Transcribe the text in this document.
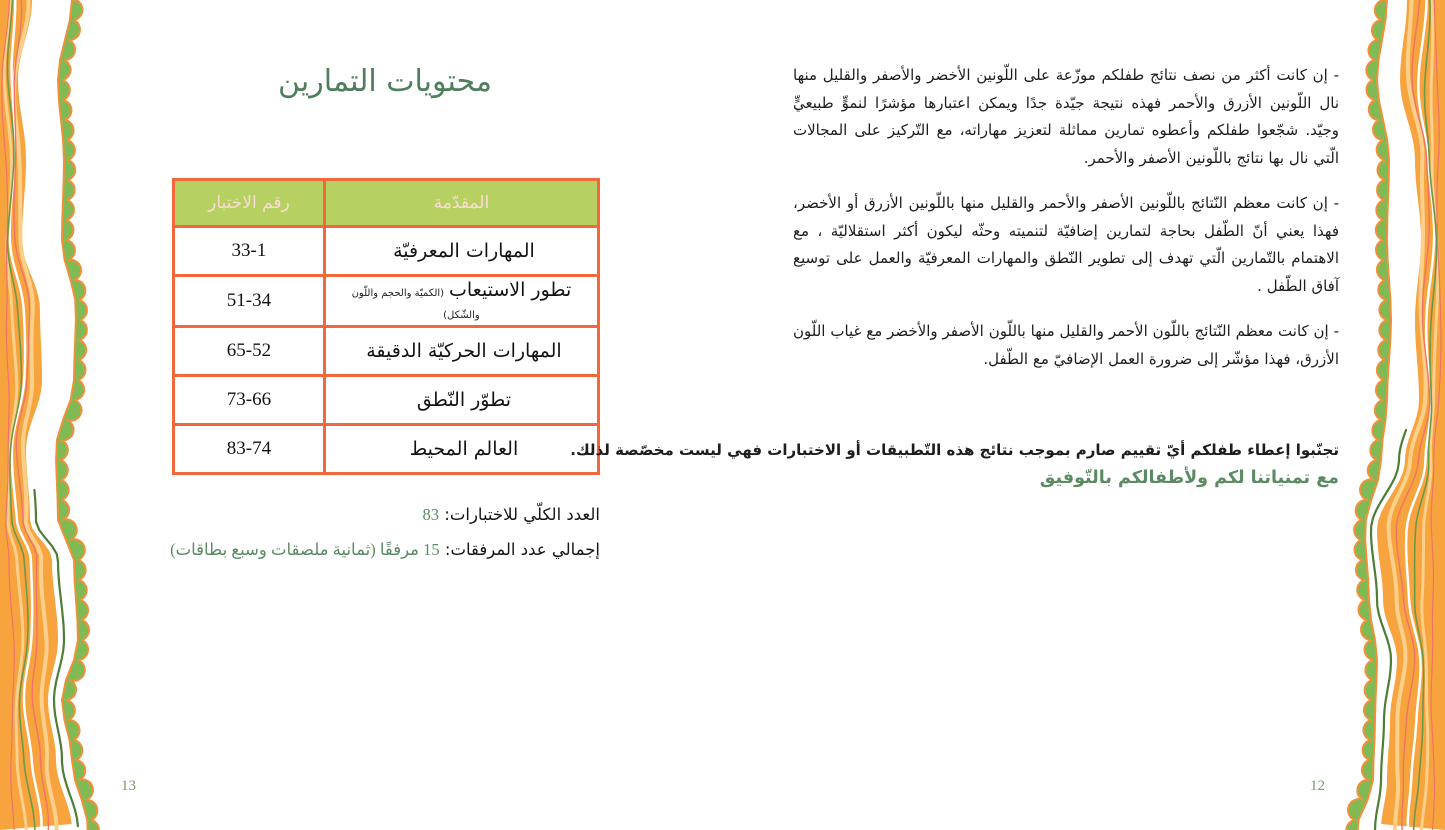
محتويات التمارين
المقدّمة	رقم الاختبار
المهارات المعرفيّة	33-1
تطور الاستيعاب(الكميّة والحجم واللّون والشّكل)	51-34
المهارات الحركيّة الدقيقة	65-52
تطوّر النّطق	73-66
العالم المحيط	83-74
العدد الكلّي للاختبارات: 83
إجمالي عدد المرفقات: 15 مرفقًا (ثمانية ملصقات وسبع بطاقات)
13

- إن كانت أكثر من نصف نتائج طفلكم موزّعة على اللّونين الأخضر والأصفر والقليل منها نال اللّونين الأزرق والأحمر فهذه نتيجة جيّدة جدًا ويمكن اعتبارها مؤشرًا لنموٍّ طبيعيٍّ وجيّد. شجّعوا طفلكم وأعطوه تمارين مماثلة لتعزيز مهاراته، مع التّركيز على المجالات الّتي نال بها نتائج باللّونين الأصفر والأحمر.

- إن كانت معظم النّتائج باللّونين الأصفر والأحمر والقليل منها باللّونين الأزرق أو الأخضر، فهذا يعني أنّ الطّفل بحاجة لتمارين إضافيّة لتنميته وحثّه ليكون أكثر استقلاليّة ، مع الاهتمام بالتّمارين الّتي تهدف إلى تطوير النّطق والمهارات المعرفيّة والعمل على توسيع آفاق الطّفل .

- إن كانت معظم النّتائج باللّون الأحمر والقليل منها باللّون الأصفر والأخضر مع غياب اللّون الأزرق، فهذا مؤشّر إلى ضرورة العمل الإضافيّ مع الطّفل.

تجنّبوا إعطاء طفلكم أيّ تقييم صارم بموجب نتائج هذه التّطبيقات أو الاختبارات فهي ليست مخصّصة لذلك.

مع تمنياتنا لكم ولأطفالكم بالتّوفيق

12
